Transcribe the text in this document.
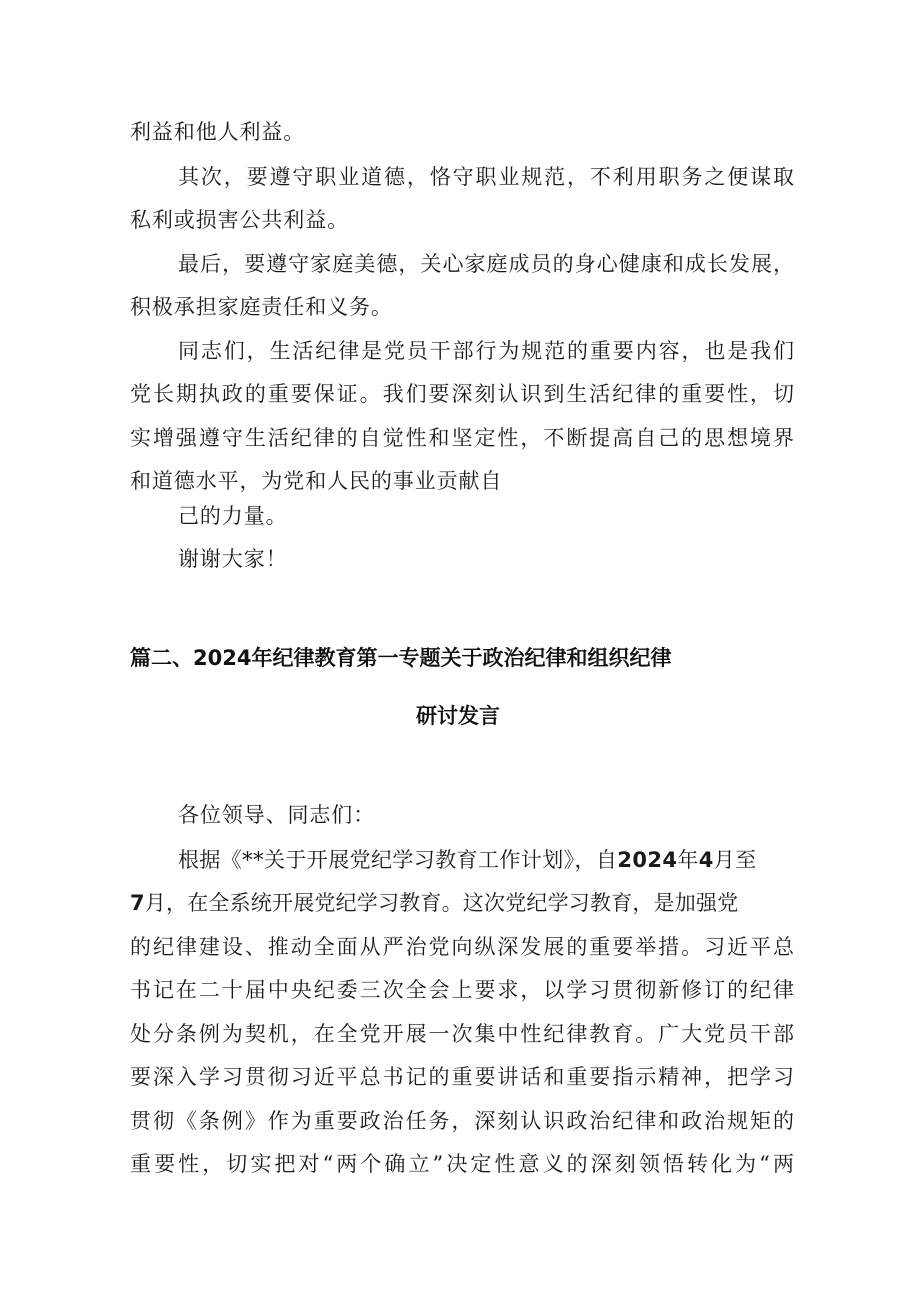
利益和他人利益。
其次，要遵守职业道德，恪守职业规范，不利用职务之便谋取
私利或损害公共利益。
最后，要遵守家庭美德，关心家庭成员的身心健康和成长发展，
积极承担家庭责任和义务。
同志们，生活纪律是党员干部行为规范的重要内容，也是我们
党长期执政的重要保证。我们要深刻认识到生活纪律的重要性，切
实增强遵守生活纪律的自觉性和坚定性，不断提高自己的思想境界
和道德水平，为党和人民的事业贡献自
己的力量。
谢谢大家！
篇二、2024年纪律教育第一专题关于政治纪律和组织纪律
研讨发言
各位领导、同志们：
根据《**关于开展党纪学习教育工作计划》，自2024年4月至
7月，在全系统开展党纪学习教育。这次党纪学习教育，是加强党
的纪律建设、推动全面从严治党向纵深发展的重要举措。习近平总
书记在二十届中央纪委三次全会上要求，以学习贯彻新修订的纪律
处分条例为契机，在全党开展一次集中性纪律教育。广大党员干部
要深入学习贯彻习近平总书记的重要讲话和重要指示精神，把学习
贯彻《条例》作为重要政治任务，深刻认识政治纪律和政治规矩的
重要性，切实把对“两个确立”决定性意义的深刻领悟转化为“两
